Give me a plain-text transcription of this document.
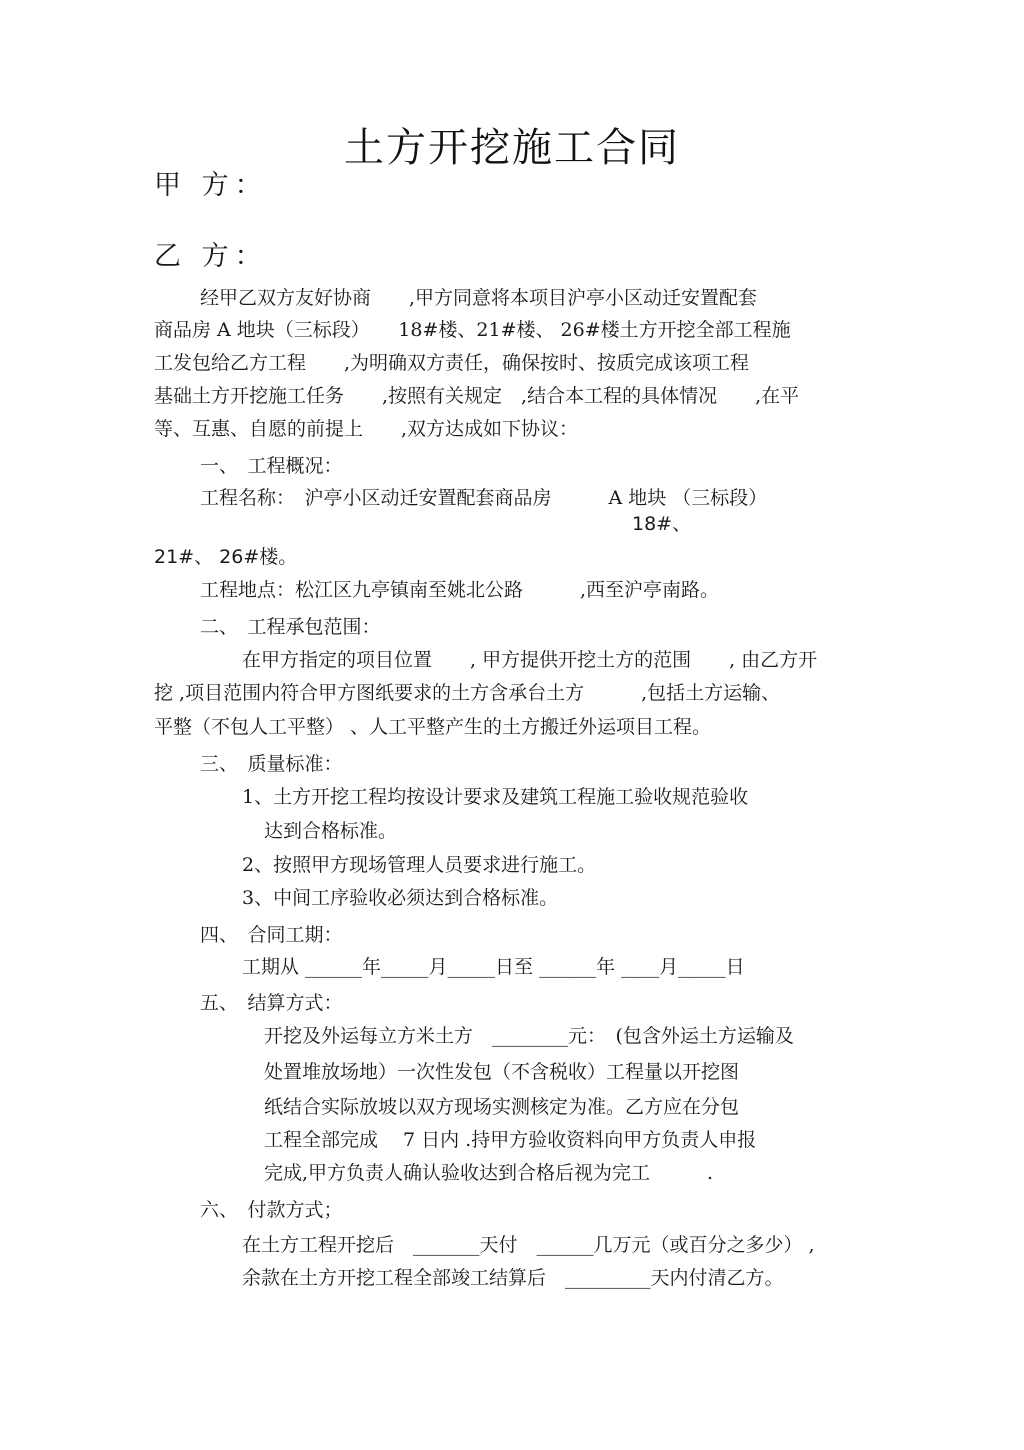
土方开挖施工合同
甲 方：
乙 方：
经甲乙双方友好协商　　,甲方同意将本项目沪亭小区动迁安置配套
商品房 A 地块（三标段）　　18#楼、21#楼、 26#楼土方开挖全部工程施
工发包给乙方工程　　,为明确双方责任，确保按时、按质完成该项工程
基础土方开挖施工任务　　,按照有关规定　,结合本工程的具体情况　　,在平
等、互惠、自愿的前提上　　,双方达成如下协议：
一、　工程概况：
工程名称：　沪亭小区动迁安置配套商品房　　　A 地块 （三标段）
18#、
21#、 26#楼。
工程地点：松江区九亭镇南至姚北公路　　　,西至沪亭南路。
二、　工程承包范围：
在甲方指定的项目位置　　, 甲方提供开挖土方的范围　　, 由乙方开
挖 ,项目范围内符合甲方图纸要求的土方含承台土方　　　,包括土方运输、
平整（不包人工平整） 、人工平整产生的土方搬迁外运项目工程。
三、　质量标准：
1、土方开挖工程均按设计要求及建筑工程施工验收规范验收
达到合格标准。
2、按照甲方现场管理人员要求进行施工。
3、中间工序验收必须达到合格标准。
四、　合同工期：
工期从 ______年_____月_____日至 ______年 ____月_____日
五、　结算方式：
开挖及外运每立方米土方　________元：　(包含外运土方运输及
处置堆放场地）一次性发包（不含税收）工程量以开挖图
纸结合实际放坡以双方现场实测核定为准。乙方应在分包
工程全部完成　 7 日内 .持甲方验收资料向甲方负责人申报
完成,甲方负责人确认验收达到合格后视为完工　　　.
六、　付款方式；
在土方工程开挖后　_______天付　______几万元（或百分之多少） ,
余款在土方开挖工程全部竣工结算后　_________天内付清乙方。
